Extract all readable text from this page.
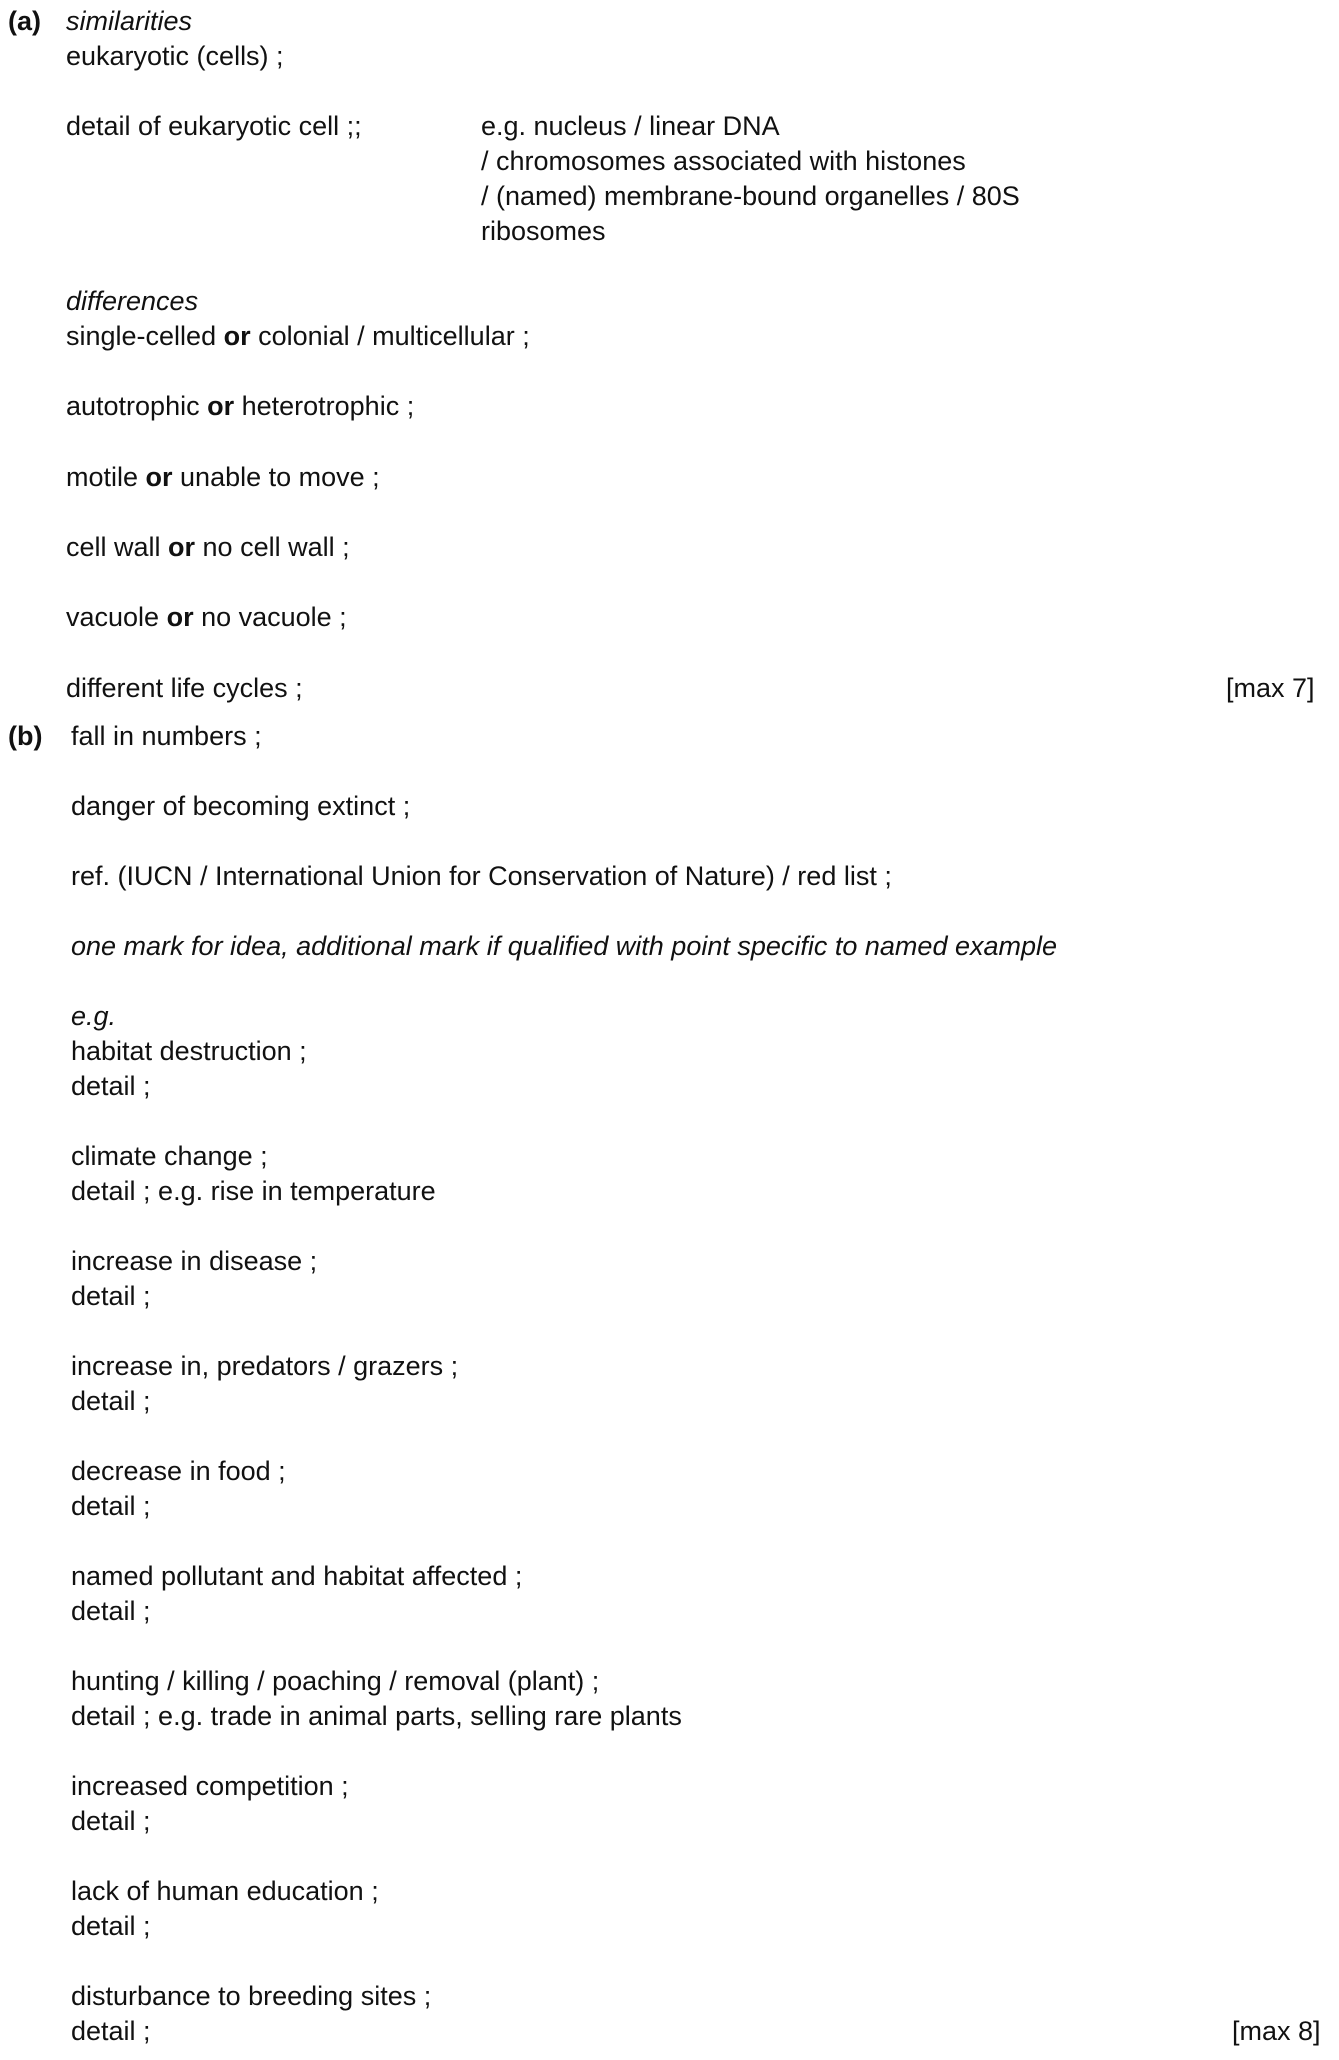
(a) similarities
eukaryotic (cells) ;
detail of eukaryotic cell ;;	e.g. nucleus / linear DNA
/ chromosomes associated with histones
/ (named) membrane-bound organelles / 80S
ribosomes
differences
single-celled or colonial / multicellular ;
autotrophic or heterotrophic ;
motile or unable to move ;
cell wall or no cell wall ;
vacuole or no vacuole ;
different life cycles ;	[max 7]
(b) fall in numbers ;
danger of becoming extinct ;
ref. (IUCN / International Union for Conservation of Nature) / red list ;
one mark for idea, additional mark if qualified with point specific to named example
e.g.
habitat destruction ;
detail ;
climate change ;
detail ; e.g. rise in temperature
increase in disease ;
detail ;
increase in, predators / grazers ;
detail ;
decrease in food ;
detail ;
named pollutant and habitat affected ;
detail ;
hunting / killing / poaching / removal (plant) ;
detail ; e.g. trade in animal parts, selling rare plants
increased competition ;
detail ;
lack of human education ;
detail ;
disturbance to breeding sites ;
detail ;	[max 8]
